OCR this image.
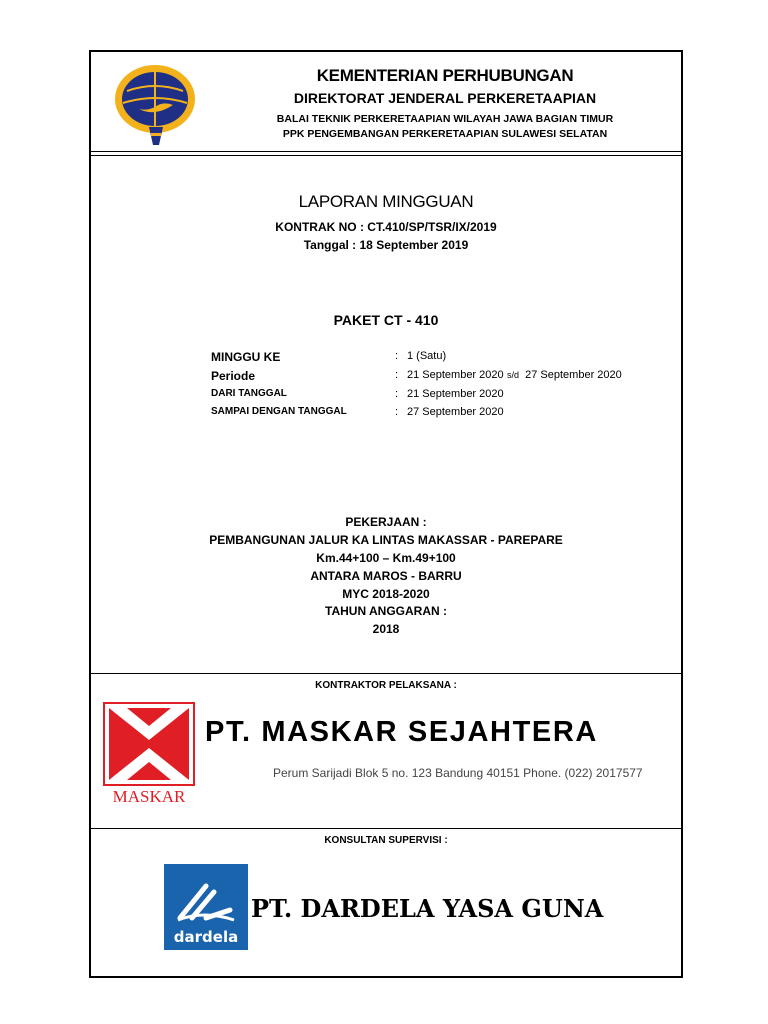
KEMENTERIAN PERHUBUNGAN
DIREKTORAT JENDERAL PERKERETAAPIAN
BALAI TEKNIK PERKERETAAPIAN WILAYAH JAWA BAGIAN TIMUR
PPK PENGEMBANGAN PERKERETAAPIAN SULAWESI SELATAN
LAPORAN MINGGUAN
KONTRAK NO : CT.410/SP/TSR/IX/2019
Tanggal : 18 September 2019
PAKET CT - 410
MINGGU KE	: 1 (Satu)
Periode	: 21 September 2020 s/d 27 September 2020
DARI TANGGAL	: 21 September 2020
SAMPAI DENGAN TANGGAL	: 27 September 2020
PEKERJAAN :
PEMBANGUNAN JALUR KA LINTAS MAKASSAR - PAREPARE
Km.44+100 – Km.49+100
ANTARA MAROS - BARRU
MYC 2018-2020
TAHUN ANGGARAN :
2018
KONTRAKTOR PELAKSANA :
MASKAR
PT. MASKAR SEJAHTERA
Perum Sarijadi Blok 5 no. 123 Bandung 40151 Phone. (022) 2017577
KONSULTAN SUPERVISI :
dardela
PT. DARDELA YASA GUNA
